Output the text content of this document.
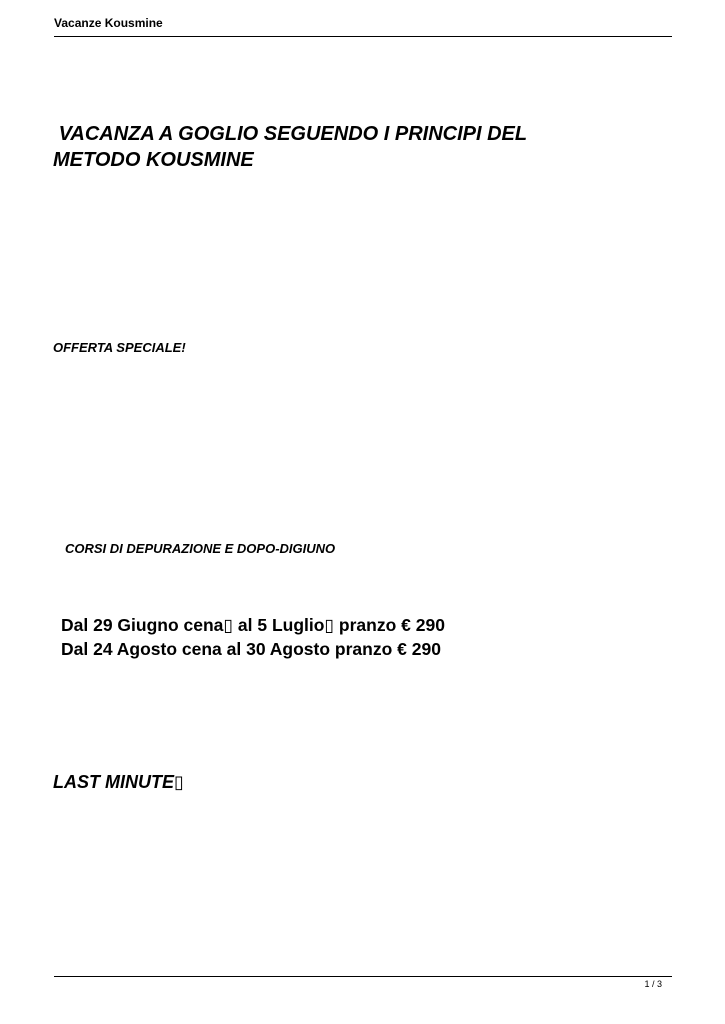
Vacanze Kousmine
VACANZA A GOGLIO SEGUENDO I PRINCIPI DEL
METODO KOUSMINE
OFFERTA SPECIALE!
CORSI DI DEPURAZIONE E DOPO-DIGIUNO
Dal 29 Giugno cena▯ al 5 Luglio▯ pranzo € 290
Dal 24 Agosto cena al 30 Agosto pranzo € 290
LAST MINUTE▯
1 / 3
